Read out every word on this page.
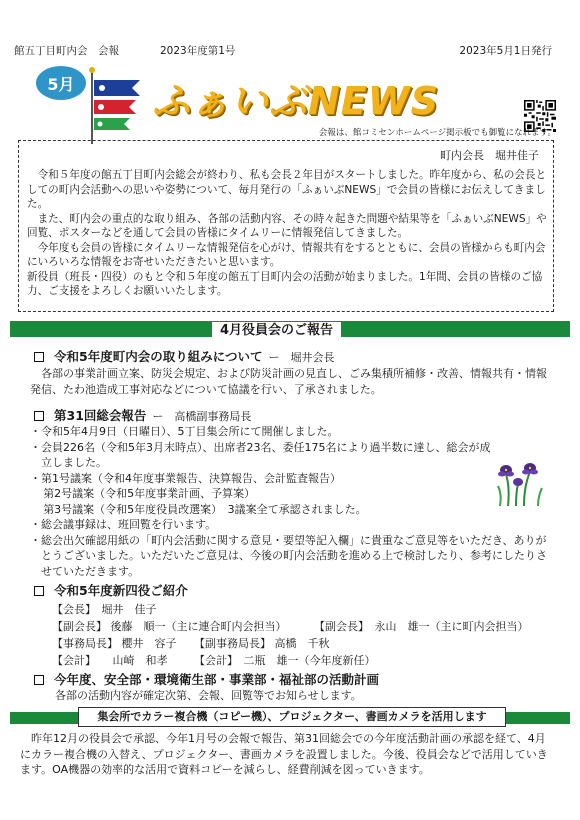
館五丁目町内会　会報	2023年度第1号	2023年5月1日発行
5月	ふぁいぶNEWS
会報は、館コミセンホームページ掲示板でも御覧になれます。
町内会長　堀井佳子

令和５年度の館五丁目町内会総会が終わり、私も会長２年目がスタートしました。昨年度から、私の会長としての町内会活動への思いや姿勢について、毎月発行の「ふぁいぶNEWS」で会員の皆様にお伝えしてきました。

また、町内会の重点的な取り組み、各部の活動内容、その時々起きた問題や結果等を「ふぁいぶNEWS」や回覧、ポスターなどを通して会員の皆様にタイムリーに情報発信してきました。

今年度も会員の皆様にタイムリーな情報発信を心がけ、情報共有をするとともに、会員の皆様からも町内会にいろいろな情報をお寄せいただきたいと思います。

新役員（班長・四役）のもと令和５年度の館五丁目町内会の活動が始まりました。1年間、会員の皆様のご協力、ご支援をよろしくお願いいたします。

4月役員会のご報告
令和5年度町内会の取り組みについて ー　堀井会長

各部の事業計画立案、防災会規定、および防災計画の見直し、ごみ集積所補修・改善、情報共有・情報発信、たわ池造成工事対応などについて協議を行い、了承されました。

第31回総会報告 ー　高橋副事務局長

・令和5年4月9日（日曜日）、5丁目集会所にて開催しました。

・会員226名（令和5年3月末時点）、出席者23名、委任175名により過半数に達し、総会が成立しました。

・第1号議案（令和4年度事業報告、決算報告、会計監査報告）

第2号議案（令和5年度事業計画、予算案）

第3号議案（令和5年度役員改選案）　3議案全て承認されました。

・総会議事録は、班回覧を行います。

・総会出欠確認用紙の「町内会活動に関する意見・要望等記入欄」に貴重なご意見等をいただき、ありがとうございました。いただいたご意見は、今後の町内会活動を進める上で検討したり、参考にしたりさせていただきます。

令和5年度新四役ご紹介
【会長】　堀井　佳子
【副会長】 後藤　順一（主に連合町内会担当）	【副会長】　永山　雄一（主に町内会担当）
【事務局長】 櫻井　容子 【副事務局長】 高橋　千秋
【会計】　　山崎　和孝 【会計】　二瓶　雄一（今年度新任）
今年度、安全部・環境衛生部・事業部・福祉部の活動計画

各部の活動内容が確定次第、会報、回覧等でお知らせします。

集会所でカラー複合機（コピー機）、プロジェクター、書画カメラを活用します

昨年12月の役員会で承認、今年1月号の会報で報告、第31回総会での今年度活動計画の承認を経て、4月にカラー複合機の入替え、プロジェクター、書画カメラを設置しました。今後、役員会などで活用していきます。OA機器の効率的な活用で資料コピーを減らし、経費削減を図っていきます。
